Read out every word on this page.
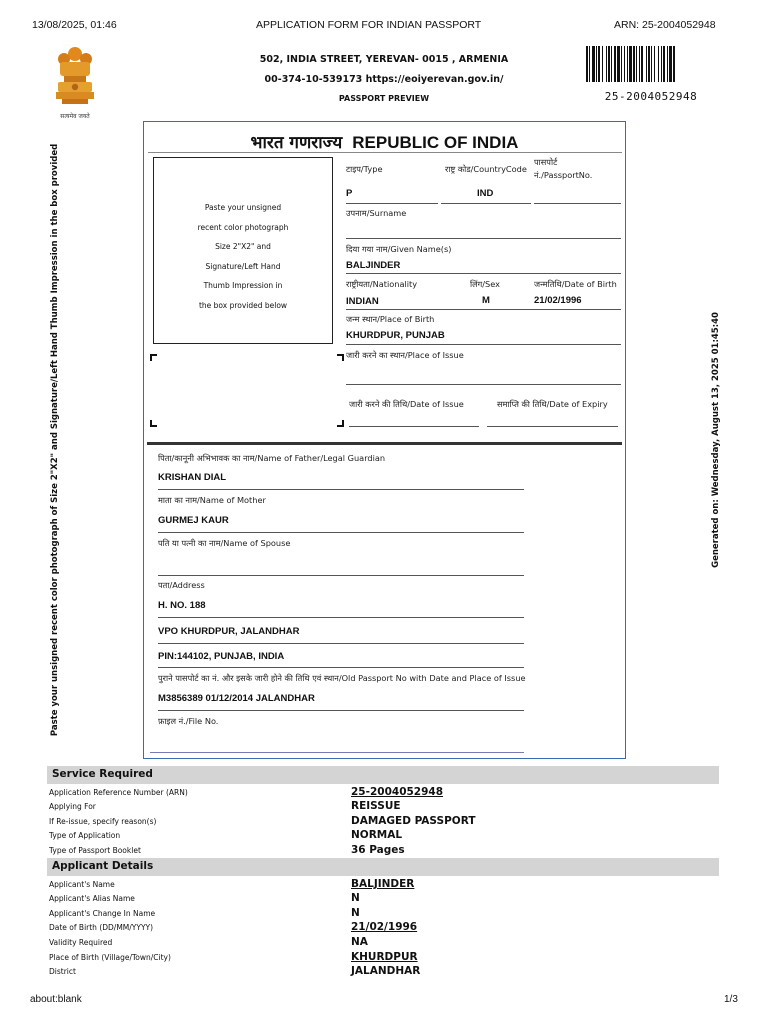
13/08/2025, 01:46	APPLICATION FORM FOR INDIAN PASSPORT	ARN: 25-2004052948
सत्यमेव जयते
502, INDIA STREET, YEREVAN- 0015 , ARMENIA
00-374-10-539173 https://eoiyerevan.gov.in/
PASSPORT PREVIEW	25-2004052948
Paste your unsigned recent color photograph of Size 2"X2" and Signature/Left Hand Thumb Impression in the box provided	Generated on: Wednesday, August 13, 2025 01:45:40
भारत गणराज्य REPUBLIC OF INDIA
Paste your unsigned
recent color photograph
Size 2"X2" and
Signature/Left Hand
Thumb Impression in
the box provided below
टाइप/Type	राष्ट्र कोड/CountryCode
पासपोर्ट
नं./PassportNo.
P	IND
उपनाम/Surname
दिया गया नाम/Given Name(s)
BALJINDER
राष्ट्रीयता/Nationality	लिंग/Sex	जन्मतिथि/Date of Birth
INDIAN	M	21/02/1996
जन्म स्थान/Place of Birth
KHURDPUR, PUNJAB
जारी करने का स्थान/Place of Issue
जारी करने की तिथि/Date of Issue	समाप्ति की तिथि/Date of Expiry
पिता/कानूनी अभिभावक का नाम/Name of Father/Legal Guardian
KRISHAN DIAL
माता का नाम/Name of Mother
GURMEJ KAUR
पति या पत्नी का नाम/Name of Spouse
पता/Address
H. NO. 188
VPO KHURDPUR, JALANDHAR
PIN:144102, PUNJAB, INDIA
पुराने पासपोर्ट का नं. और इसके जारी होने की तिथि एवं स्थान/Old Passport No with Date and Place of Issue
M3856389 01/12/2014 JALANDHAR
फ़ाइल नं./File No.
Service Required
Application Reference Number (ARN)	25-2004052948
Applying For	REISSUE
If Re-issue, specify reason(s)	DAMAGED PASSPORT
Type of Application	NORMAL
Type of Passport Booklet	36 Pages
Applicant Details
Applicant's Name	BALJINDER
Applicant's Alias Name	N
Applicant's Change In Name	N
Date of Birth (DD/MM/YYYY)	21/02/1996
Validity Required	NA
Place of Birth (Village/Town/City)	KHURDPUR
District	JALANDHAR
about:blank	1/3
